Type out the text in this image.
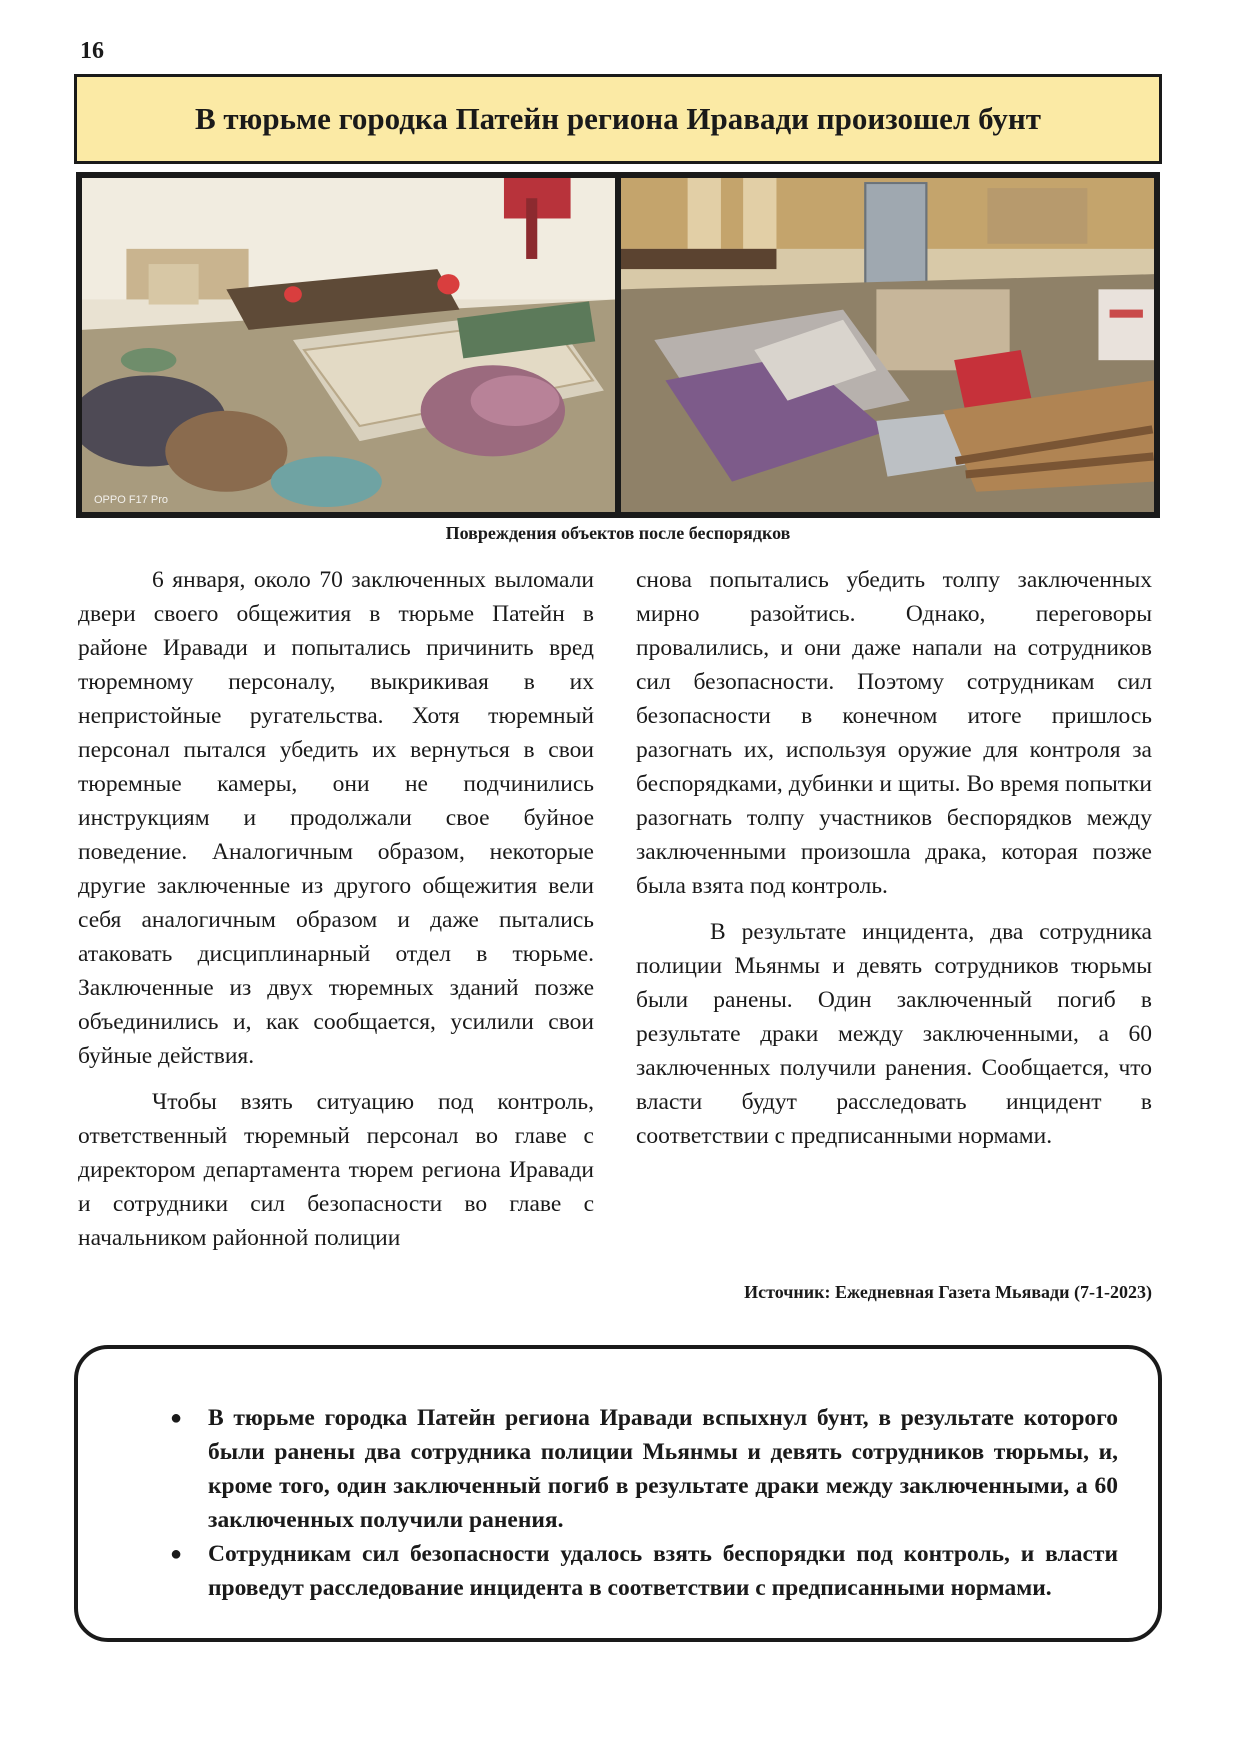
16
В тюрьме городка Патейн региона Иравади произошел бунт
OPPO F17 Pro
Повреждения объектов после беспорядков

6 января, около 70 заключенных выломали двери своего общежития в тюрьме Патейн в районе Иравади и попытались причинить вред тюремному персоналу, выкрикивая в их непристойные ругательства. Хотя тюремный персонал пытался убедить их вернуться в свои тюремные камеры, они не подчинились инструкциям и продолжали свое буйное поведение. Аналогичным образом, некоторые другие заключенные из другого общежития вели себя аналогичным образом и даже пытались атаковать дисциплинарный отдел в тюрьме. Заключенные из двух тюремных зданий позже объединились и, как сообщается, усилили свои буйные действия.

Чтобы взять ситуацию под контроль, ответственный тюремный персонал во главе с директором департамента тюрем региона Иравади и сотрудники сил безопасности во главе с начальником районной полиции

снова попытались убедить толпу заключенных мирно разойтись. Однако, переговоры провалились, и они даже напали на сотрудников сил безопасности. Поэтому сотрудникам сил безопасности в конечном итоге пришлось разогнать их, используя оружие для контроля за беспорядками, дубинки и щиты. Во время попытки разогнать толпу участников беспорядков между заключенными произошла драка, которая позже была взята под контроль.

В результате инцидента, два сотрудника полиции Мьянмы и девять сотрудников тюрьмы были ранены. Один заключенный погиб в результате драки между заключенными, а 60 заключенных получили ранения. Сообщается, что власти будут расследовать инцидент в соответствии с предписанными нормами.

Источник: Ежедневная Газета Мьявади (7-1-2023)
● В тюрьме городка Патейн региона Иравади вспыхнул бунт, в результате которого были ранены два сотрудника полиции Мьянмы и девять сотрудников тюрьмы, и, кроме того, один заключенный погиб в результате драки между заключенными, а 60 заключенных получили ранения.
● Сотрудникам сил безопасности удалось взять беспорядки под контроль, и власти проведут расследование инцидента в соответствии с предписанными нормами.
